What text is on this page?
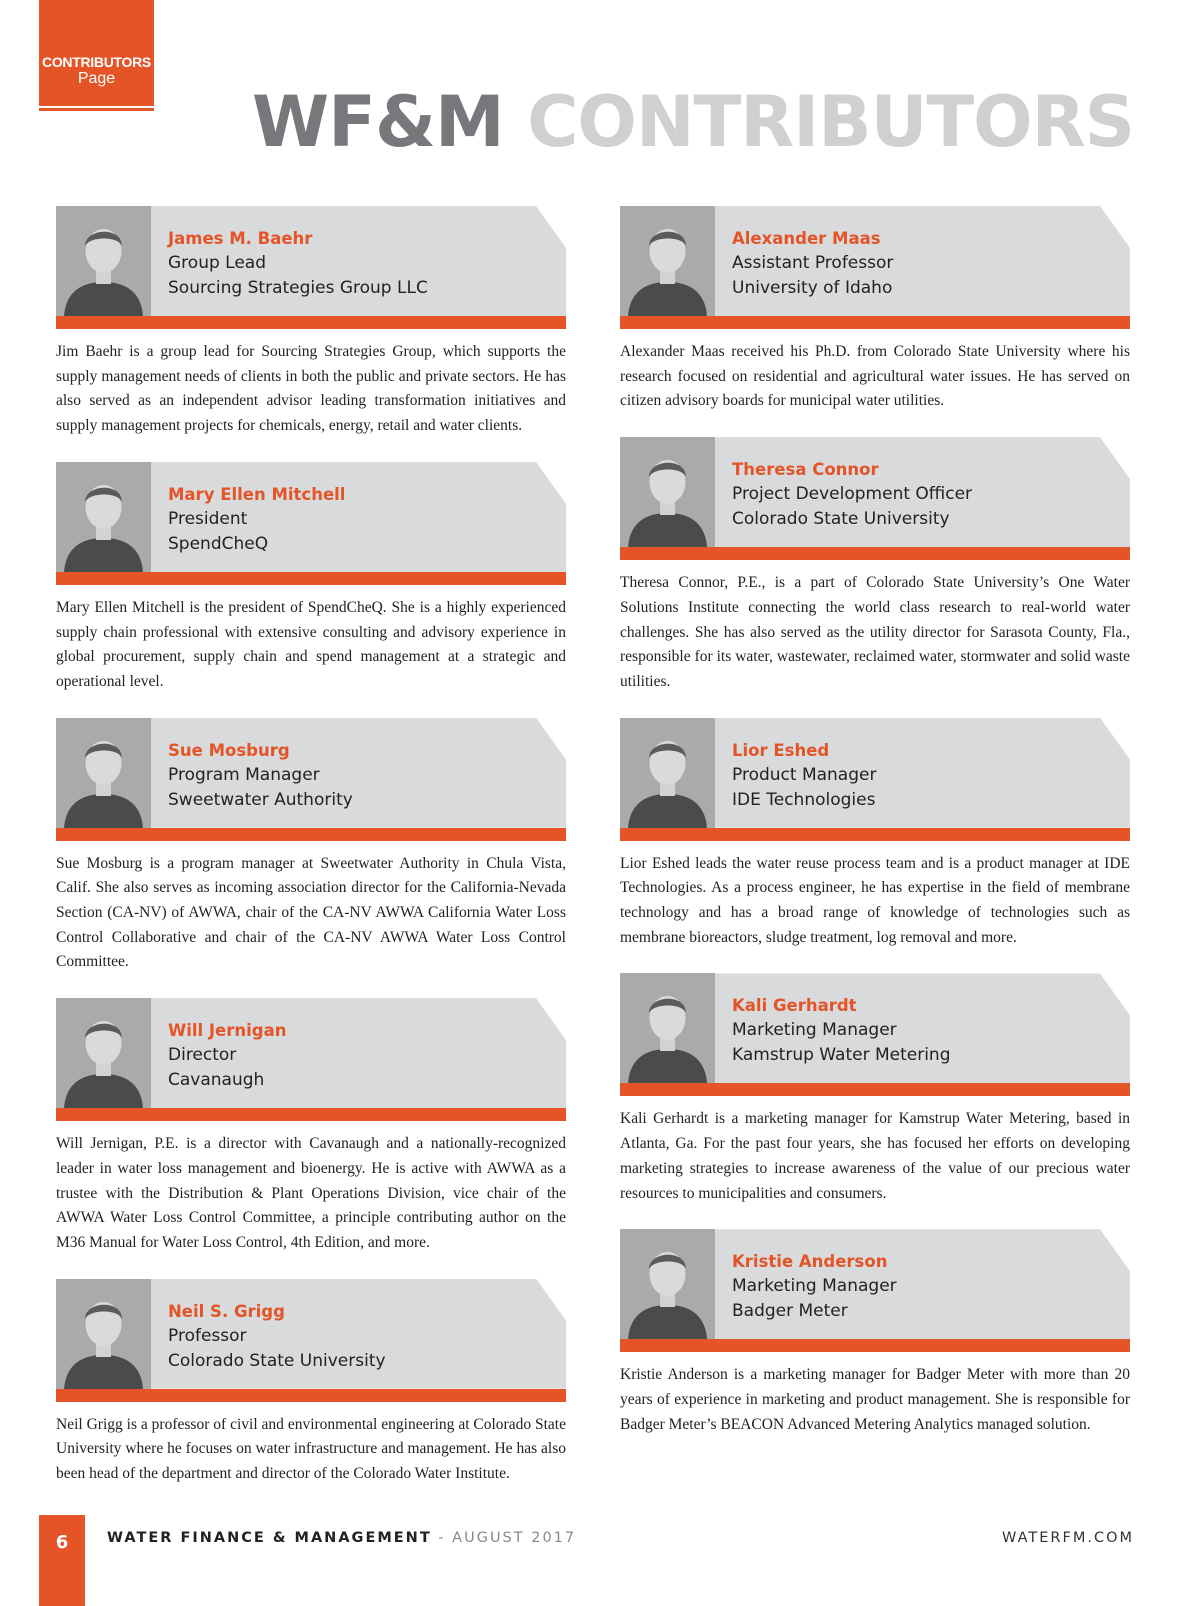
CONTRIBUTORS
Page
WF&M CONTRIBUTORS
James M. Baehr
Group Lead
Sourcing Strategies Group LLC

Jim Baehr is a group lead for Sourcing Strategies Group, which supports the supply management needs of clients in both the public and private sectors. He has also served as an independent advisor leading transformation initiatives and supply management projects for chemicals, energy, retail and water clients.

Mary Ellen Mitchell
President
SpendCheQ

Mary Ellen Mitchell is the president of SpendCheQ. She is a highly experienced supply chain professional with extensive consulting and advisory experience in global procurement, supply chain and spend management at a strategic and operational level.

Sue Mosburg
Program Manager
Sweetwater Authority

Sue Mosburg is a program manager at Sweetwater Authority in Chula Vista, Calif. She also serves as incoming association director for the California-Nevada Section (CA-NV) of AWWA, chair of the CA-NV AWWA California Water Loss Control Collaborative and chair of the CA-NV AWWA Water Loss Control Committee.

Will Jernigan
Director
Cavanaugh

Will Jernigan, P.E. is a director with Cavanaugh and a nationally-recognized leader in water loss management and bioenergy. He is active with AWWA as a trustee with the Distribution & Plant Operations Division, vice chair of the AWWA Water Loss Control Committee, a principle contributing author on the M36 Manual for Water Loss Control, 4th Edition, and more.

Neil S. Grigg
Professor
Colorado State University

Neil Grigg is a professor of civil and environmental engineering at Colorado State University where he focuses on water infrastructure and management. He has also been head of the department and director of the Colorado Water Institute.

Alexander Maas
Assistant Professor
University of Idaho

Alexander Maas received his Ph.D. from Colorado State University where his research focused on residential and agricultural water issues. He has served on citizen advisory boards for municipal water utilities.

Theresa Connor
Project Development Officer
Colorado State University

Theresa Connor, P.E., is a part of Colorado State University’s One Water Solutions Institute connecting the world class research to real-world water challenges. She has also served as the utility director for Sarasota County, Fla., responsible for its water, wastewater, reclaimed water, stormwater and solid waste utilities.

Lior Eshed
Product Manager
IDE Technologies

Lior Eshed leads the water reuse process team and is a product manager at IDE Technologies. As a process engineer, he has expertise in the field of membrane technology and has a broad range of knowledge of technologies such as membrane bioreactors, sludge treatment, log removal and more.

Kali Gerhardt
Marketing Manager
Kamstrup Water Metering

Kali Gerhardt is a marketing manager for Kamstrup Water Metering, based in Atlanta, Ga. For the past four years, she has focused her efforts on developing marketing strategies to increase awareness of the value of our precious water resources to municipalities and consumers.

Kristie Anderson
Marketing Manager
Badger Meter

Kristie Anderson is a marketing manager for Badger Meter with more than 20 years of experience in marketing and product management. She is responsible for Badger Meter’s BEACON Advanced Metering Analytics managed solution.

6	WATER FINANCE & MANAGEMENT - AUGUST 2017	WATERFM.COM
